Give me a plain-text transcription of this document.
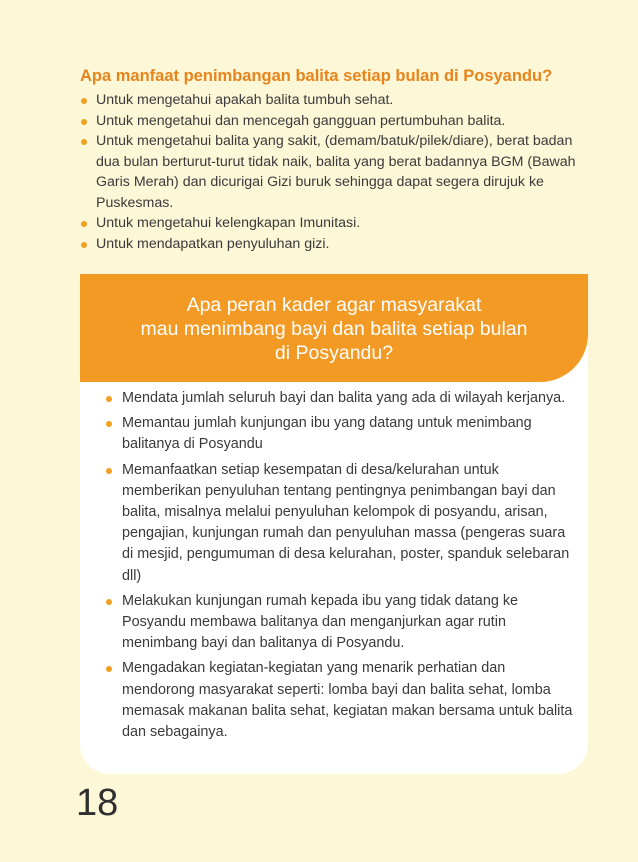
Apa manfaat penimbangan balita setiap bulan di Posyandu?
Untuk mengetahui apakah balita tumbuh sehat.
Untuk mengetahui dan mencegah gangguan pertumbuhan balita.
Untuk mengetahui balita yang sakit, (demam/batuk/pilek/diare), berat badan dua bulan berturut-turut tidak naik, balita yang berat badannya BGM (Bawah Garis Merah) dan dicurigai Gizi buruk sehingga dapat segera dirujuk ke Puskesmas.
Untuk mengetahui kelengkapan Imunitasi.
Untuk mendapatkan penyuluhan gizi.
Apa peran kader agar masyarakat
mau menimbang bayi dan balita setiap bulan
di Posyandu?
Mendata jumlah seluruh bayi dan balita yang ada di wilayah kerjanya.
Memantau jumlah kunjungan ibu yang datang untuk menimbang balitanya di Posyandu
Memanfaatkan setiap kesempatan di desa/kelurahan untuk memberikan penyuluhan tentang pentingnya penimbangan bayi dan balita, misalnya melalui penyuluhan kelompok di posyandu, arisan, pengajian, kunjungan rumah dan penyuluhan massa (pengeras suara di mesjid, pengumuman di desa kelurahan, poster, spanduk selebaran dll)
Melakukan kunjungan rumah kepada ibu yang tidak datang ke Posyandu membawa balitanya dan menganjurkan agar rutin menimbang bayi dan balitanya di Posyandu.
Mengadakan kegiatan-kegiatan yang menarik perhatian dan mendorong masyarakat seperti: lomba bayi dan balita sehat, lomba memasak makanan balita sehat, kegiatan makan bersama untuk balita dan sebagainya.
18
